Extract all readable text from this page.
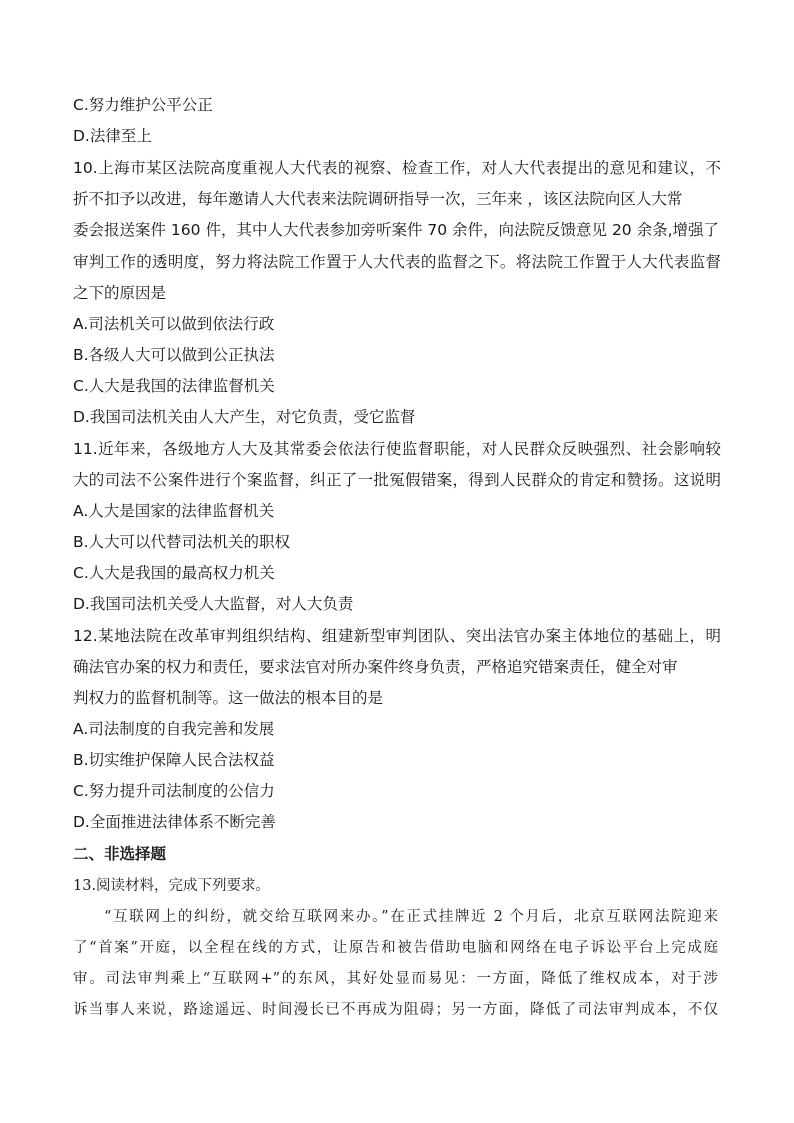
C.努力维护公平公正
D.法律至上
10.上海市某区法院高度重视人大代表的视察、检查工作，对人大代表提出的意见和建议，不
折不扣予以改进，每年邀请人大代表来法院调研指导一次，三年来 ，该区法院向区人大常
委会报送案件 160 件，其中人大代表参加旁听案件 70 余件，向法院反馈意见 20 余条,增强了
审判工作的透明度，努力将法院工作置于人大代表的监督之下。将法院工作置于人大代表监督
之下的原因是
A.司法机关可以做到依法行政
B.各级人大可以做到公正执法
C.人大是我国的法律监督机关
D.我国司法机关由人大产生，对它负责，受它监督
11.近年来，各级地方人大及其常委会依法行使监督职能，对人民群众反映强烈、社会影响较
大的司法不公案件进行个案监督，纠正了一批冤假错案，得到人民群众的肯定和赞扬。这说明
A.人大是国家的法律监督机关
B.人大可以代替司法机关的职权
C.人大是我国的最高权力机关
D.我国司法机关受人大监督，对人大负责
12.某地法院在改革审判组织结构、组建新型审判团队、突出法官办案主体地位的基础上，明
确法官办案的权力和责任，要求法官对所办案件终身负责，严格追究错案责任，健全对审
判权力的监督机制等。这一做法的根本目的是
A.司法制度的自我完善和发展
B.切实维护保障人民合法权益
C.努力提升司法制度的公信力
D.全面推进法律体系不断完善
二、非选择题
13.阅读材料，完成下列要求。
“互联网上的纠纷，就交给互联网来办。”在正式挂牌近 2 个月后，北京互联网法院迎来
了“首案”开庭，以全程在线的方式，让原告和被告借助电脑和网络在电子诉讼平台上完成庭
审。司法审判乘上“互联网+”的东风，其好处显而易见：一方面，降低了维权成本，对于涉
诉当事人来说，路途遥远、时间漫长已不再成为阻碍；另一方面，降低了司法审判成本，不仅
